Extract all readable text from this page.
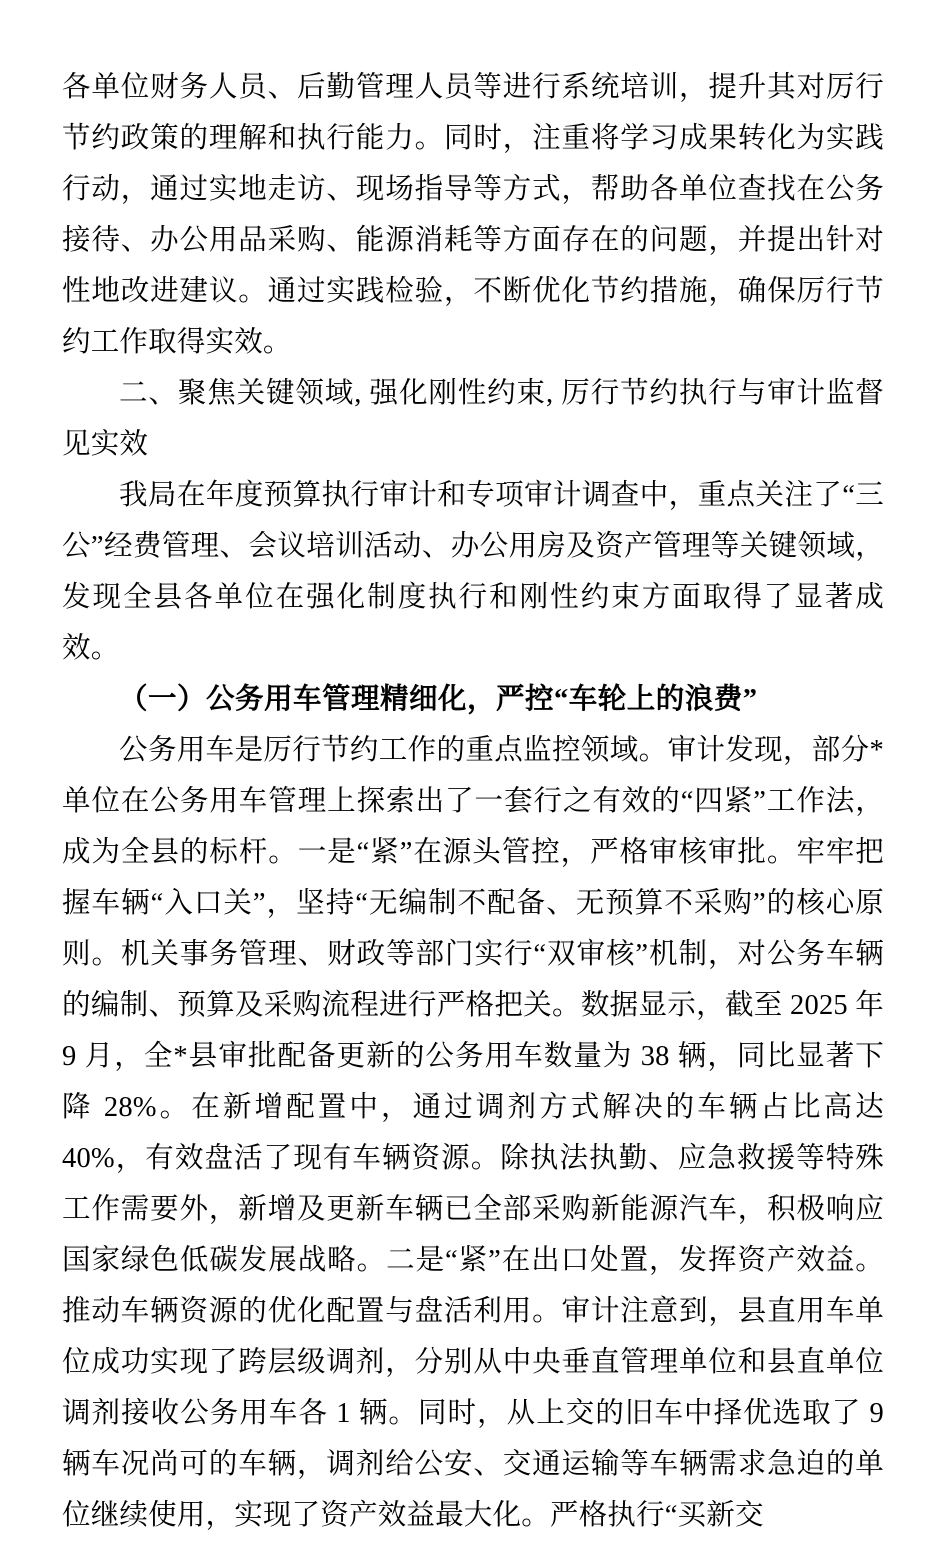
各单位财务人员、后勤管理人员等进行系统培训，提升其对厉行节约政策的理解和执行能力。同时，注重将学习成果转化为实践行动，通过实地走访、现场指导等方式，帮助各单位查找在公务接待、办公用品采购、能源消耗等方面存在的问题，并提出针对性地改进建议。通过实践检验，不断优化节约措施，确保厉行节约工作取得实效。

二、聚焦关键领域, 强化刚性约束, 厉行节约执行与审计监督见实效

我局在年度预算执行审计和专项审计调查中，重点关注了“三公”经费管理、会议培训活动、办公用房及资产管理等关键领域，发现全县各单位在强化制度执行和刚性约束方面取得了显著成效。

（一）公务用车管理精细化，严控“车轮上的浪费”

公务用车是厉行节约工作的重点监控领域。审计发现，部分*单位在公务用车管理上探索出了一套行之有效的“四紧”工作法，成为全县的标杆。一是“紧”在源头管控，严格审核审批。牢牢把握车辆“入口关”，坚持“无编制不配备、无预算不采购”的核心原则。机关事务管理、财政等部门实行“双审核”机制，对公务车辆的编制、预算及采购流程进行严格把关。数据显示，截至 2025 年 9 月，全*县审批配备更新的公务用车数量为 38 辆，同比显著下降 28%。在新增配置中，通过调剂方式解决的车辆占比高达 40%，有效盘活了现有车辆资源。除执法执勤、应急救援等特殊工作需要外，新增及更新车辆已全部采购新能源汽车，积极响应国家绿色低碳发展战略。二是“紧”在出口处置，发挥资产效益。推动车辆资源的优化配置与盘活利用。审计注意到，县直用车单位成功实现了跨层级调剂，分别从中央垂直管理单位和县直单位调剂接收公务用车各 1 辆。同时，从上交的旧车中择优选取了 9 辆车况尚可的车辆，调剂给公安、交通运输等车辆需求急迫的单位继续使用，实现了资产效益最大化。严格执行“买新交
